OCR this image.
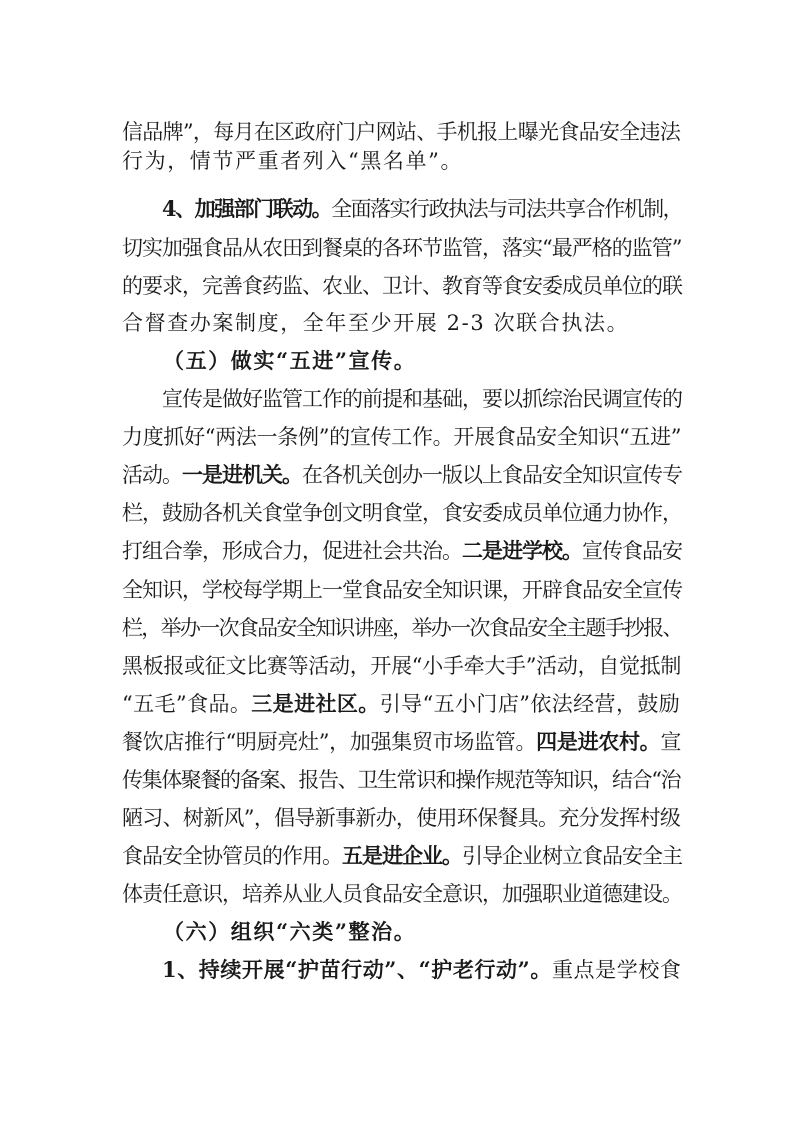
信品牌”，每月在区政府门户网站、手机报上曝光食品安全违法
行为，情节严重者列入“黑名单”。
4、加强部门联动。全面落实行政执法与司法共享合作机制，
切实加强食品从农田到餐桌的各环节监管，落实“最严格的监管”
的要求，完善食药监、农业、卫计、教育等食安委成员单位的联
合督查办案制度，全年至少开展 2-3 次联合执法。
（五）做实“五进”宣传。
宣传是做好监管工作的前提和基础，要以抓综治民调宣传的
力度抓好“两法一条例”的宣传工作。开展食品安全知识“五进”
活动。一是进机关。在各机关创办一版以上食品安全知识宣传专
栏，鼓励各机关食堂争创文明食堂，食安委成员单位通力协作，
打组合拳，形成合力，促进社会共治。二是进学校。宣传食品安
全知识，学校每学期上一堂食品安全知识课，开辟食品安全宣传
栏，举办一次食品安全知识讲座，举办一次食品安全主题手抄报、
黑板报或征文比赛等活动，开展“小手牵大手”活动，自觉抵制
“五毛”食品。三是进社区。引导“五小门店”依法经营，鼓励
餐饮店推行“明厨亮灶”，加强集贸市场监管。四是进农村。宣
传集体聚餐的备案、报告、卫生常识和操作规范等知识，结合“治
陋习、树新风”，倡导新事新办，使用环保餐具。充分发挥村级
食品安全协管员的作用。五是进企业。引导企业树立食品安全主
体责任意识，培养从业人员食品安全意识，加强职业道德建设。
（六）组织“六类”整治。
1、持续开展“护苗行动”、“护老行动”。重点是学校食
